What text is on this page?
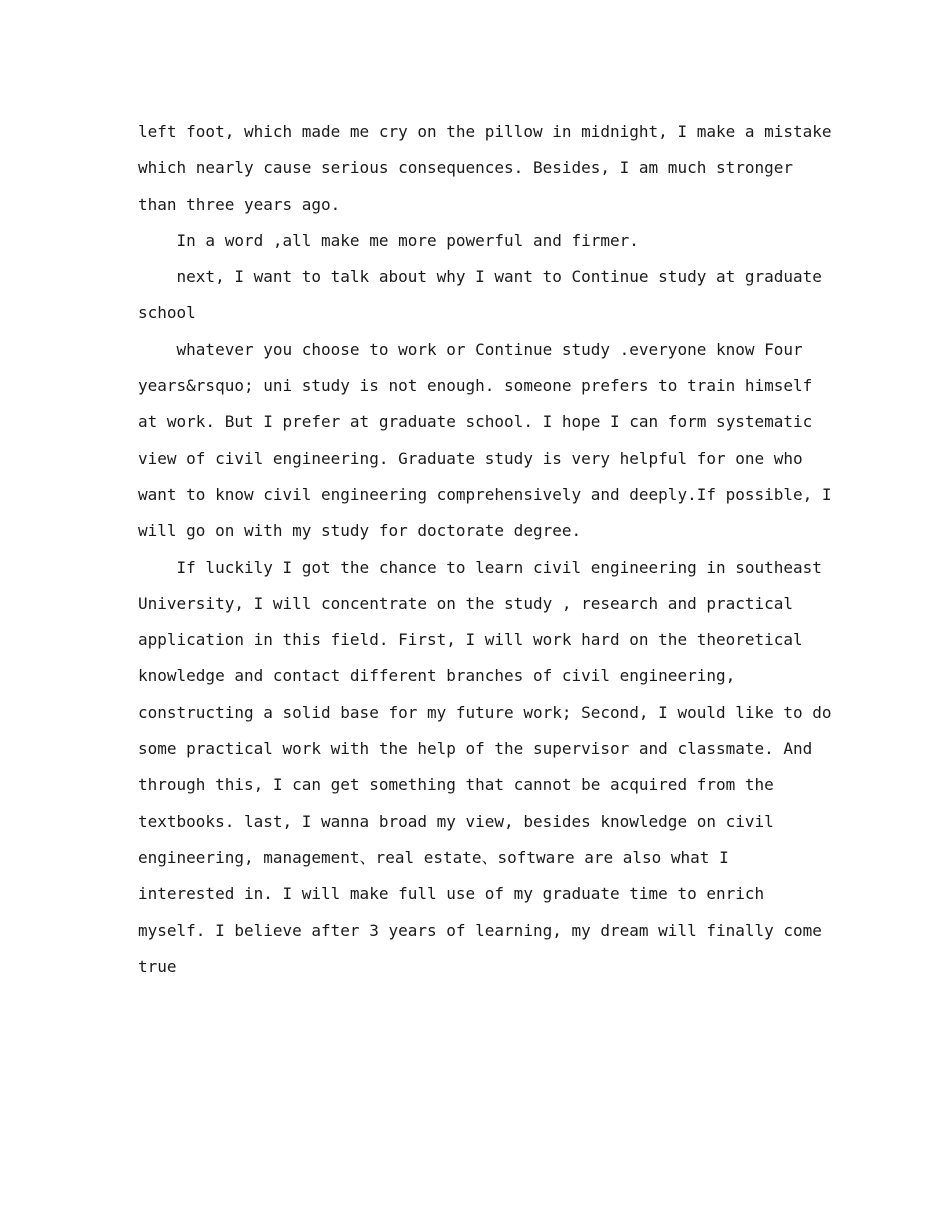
left foot, which made me cry on the pillow in midnight, I make a mistake
which nearly cause serious consequences. Besides, I am much stronger
than three years ago.
In a word ,all make me more powerful and firmer.
next, I want to talk about why I want to Continue study at graduate
school
whatever you choose to work or Continue study .everyone know Four
years&rsquo; uni study is not enough. someone prefers to train himself
at work. But I prefer at graduate school. I hope I can form systematic
view of civil engineering. Graduate study is very helpful for one who
want to know civil engineering comprehensively and deeply.If possible, I
will go on with my study for doctorate degree.
If luckily I got the chance to learn civil engineering in southeast
University, I will concentrate on the study , research and practical
application in this field. First, I will work hard on the theoretical
knowledge and contact different branches of civil engineering,
constructing a solid base for my future work; Second, I would like to do
some practical work with the help of the supervisor and classmate. And
through this, I can get something that cannot be acquired from the
textbooks. last, I wanna broad my view, besides knowledge on civil
engineering, management、real estate、software are also what I
interested in. I will make full use of my graduate time to enrich
myself. I believe after 3 years of learning, my dream will finally come
true
